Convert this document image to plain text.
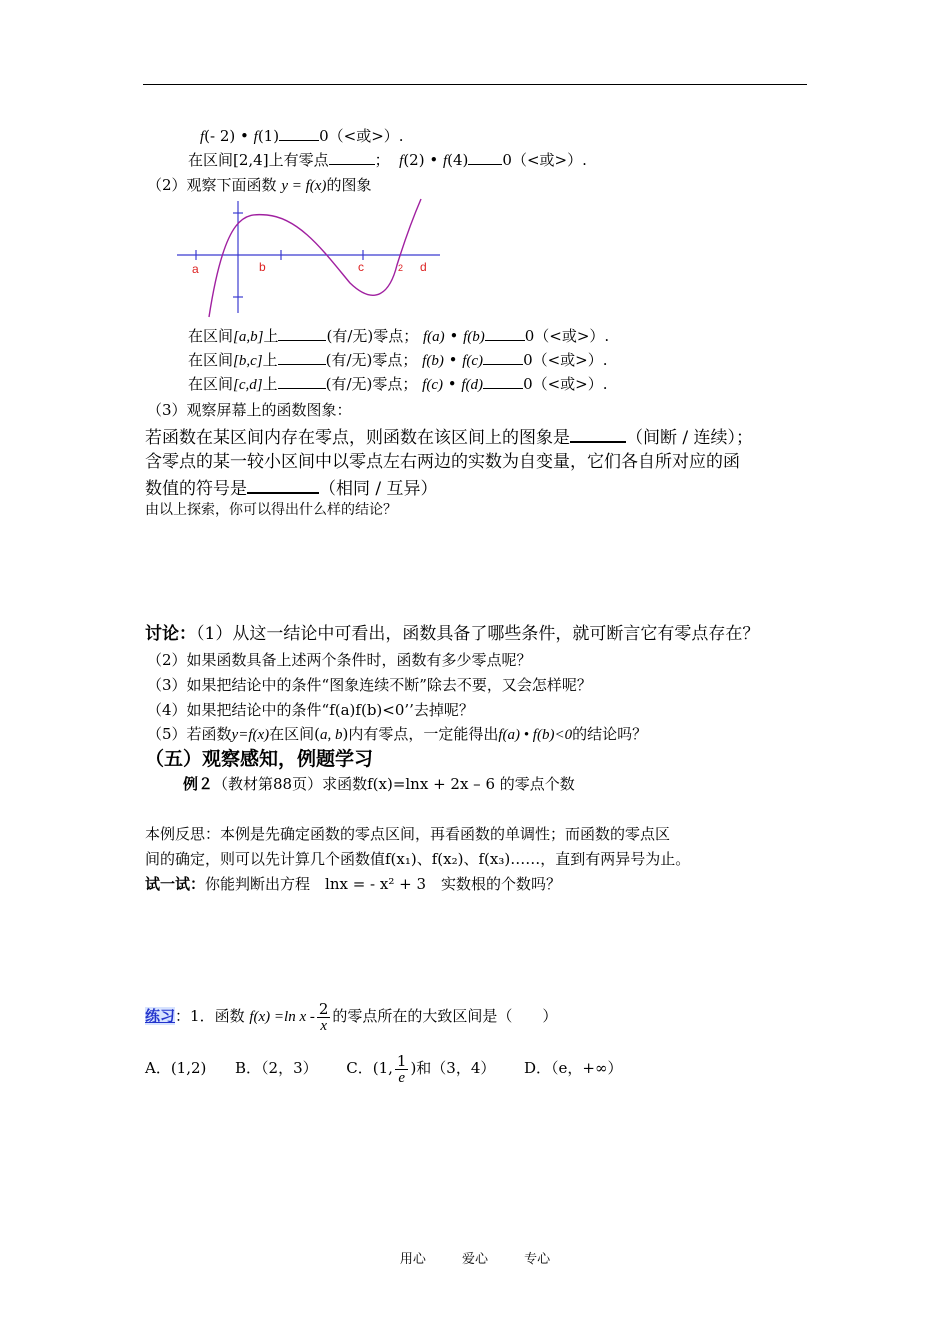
f(- 2) • f(1)	0（<或>）.
在区间[2,4]上有零点	； f(2) • f(4) 0（<或>）.
（2）观察下面函数 y = f(x)的图象
a	b	c	2 d
在区间[a,b]上	(有/无)零点； f(a) • f(b)	0（<或>）.
在区间[b,c]上	(有/无)零点； f(b) • f(c)	0（<或>）.
在区间[c,d]上	(有/无)零点； f(c) • f(d)	0（<或>）.
（3）观察屏幕上的函数图象：
若函数在某区间内存在零点，则函数在该区间上的图象是	（间断 / 连续）；
含零点的某一较小区间中以零点左右两边的实数为自变量，它们各自所对应的函
数值的符号是	（相同 / 互异）
由以上探索，你可以得出什么样的结论？
讨论：（1）从这一结论中可看出，函数具备了哪些条件，就可断言它有零点存在？
（2）如果函数具备上述两个条件时，函数有多少零点呢？
（3）如果把结论中的条件“图象连续不断”除去不要，又会怎样呢？
（4）如果把结论中的条件“f(a)f(b)<0’’去掉呢？
（5）若函数y=f(x)在区间(a, b)内有零点，一定能得出f(a) • f(b)<0的结论吗？
（五）观察感知，例题学习
例２（教材第88页）求函数f(x)=lnx + 2x – 6 的零点个数
本例反思：本例是先确定函数的零点区间，再看函数的单调性；而函数的零点区
间的确定，则可以先计算几个函数值f(x₁)、f(x₂)、f(x₃)……，直到有两异号为止。
试一试：你能判断出方程　lnx = - x² + 3　实数根的个数吗？
练习：1．函数 f(x) =ln x - $\frac{2}{x}$ 的零点所在的大致区间是（　　）
A．(1,2) B．（2，3） C．(1, $\frac{1}{e}$ )和（3，4） D．（e，+∞）
用心	爱心	专心
